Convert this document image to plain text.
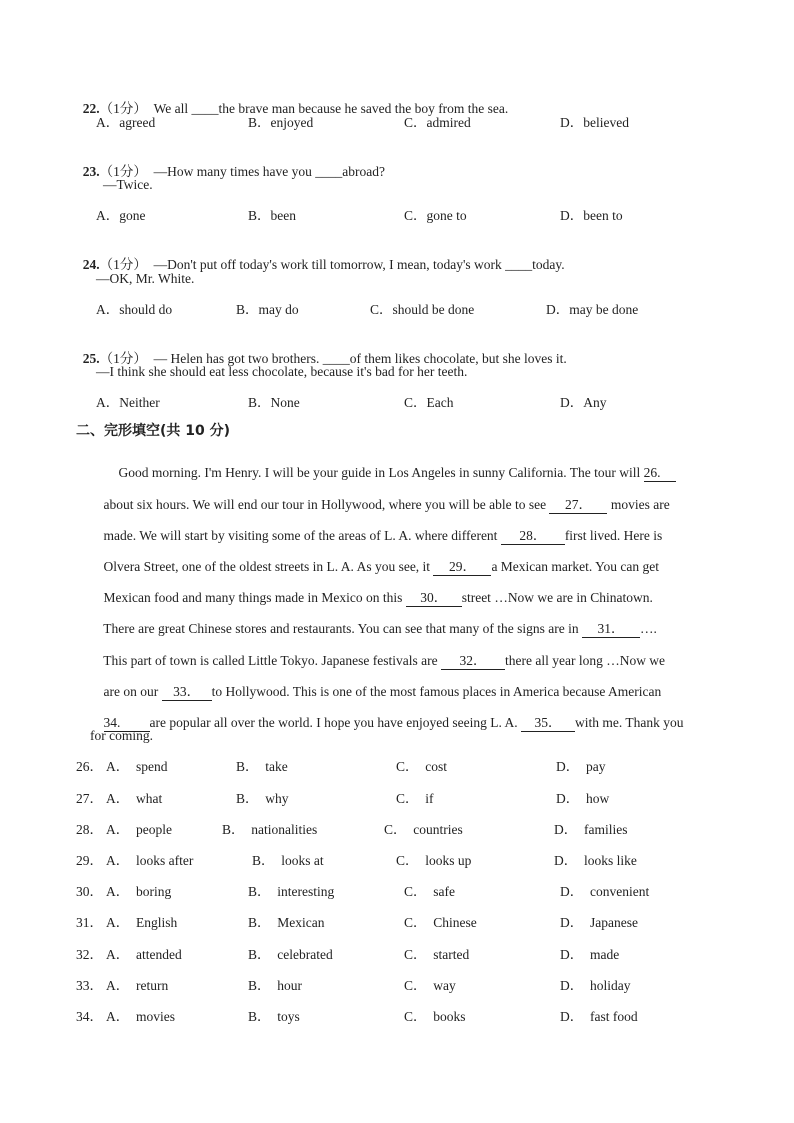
22.（1分） We all ____the brave man because he saved the boy from the sea.

A．agreed	B．enjoyed	C．admired	D．believed

23.（1分） —How many times have you ____abroad?

—Twice.
A．gone	B．been	C．gone to	D．been to

24.（1分） —Don't put off today's work till tomorrow, I mean, today's work ____today.

—OK, Mr. White.
A．should do	B．may do	C．should be done	D．may be done

25.（1分） — Helen has got two brothers. ____of them likes chocolate, but she loves it.

—I think she should eat less chocolate, because it's bad for her teeth.
A．Neither	B．None	C．Each	D．Any
二、完形填空(共 10 分)

Good morning. I'm Henry. I will be your guide in Los Angeles in sunny California. The tour will 26.

about six hours. We will end our tour in Hollywood, where you will be able to see 27． movies are

made. We will start by visiting some of the areas of L. A. where different 28． first lived. Here is

Olvera Street, one of the oldest streets in L. A. As you see, it 29． a Mexican market. You can get

Mexican food and many things made in Mexico on this 30． street …Now we are in Chinatown.

There are great Chinese stores and restaurants. You can see that many of the signs are in 31． ….

This part of town is called Little Tokyo. Japanese festivals are 32． there all year long …Now we

are on our 33． to Hollywood. This is one of the most famous places in America because American

34. are popular all over the world. I hope you have enjoyed seeing L. A. 35． with me. Thank you

for coming.
26． A．  spend	B．  take	C．  cost	D．  pay
27． A．  what	B．  why	C．  if	D．  how
28． A．  people	B．  nationalities	C．  countries	D．  families
29． A．  looks after	B．  looks at	C．  looks up	D．  looks like
30． A．  boring	B．  interesting	C．  safe	D．  convenient
31． A．  English	B．  Mexican	C．  Chinese	D．  Japanese
32． A．  attended	B．  celebrated	C．  started	D．  made
33． A．  return	B．  hour	C．  way	D．  holiday
34． A．  movies	B．  toys	C．  books	D．  fast food
